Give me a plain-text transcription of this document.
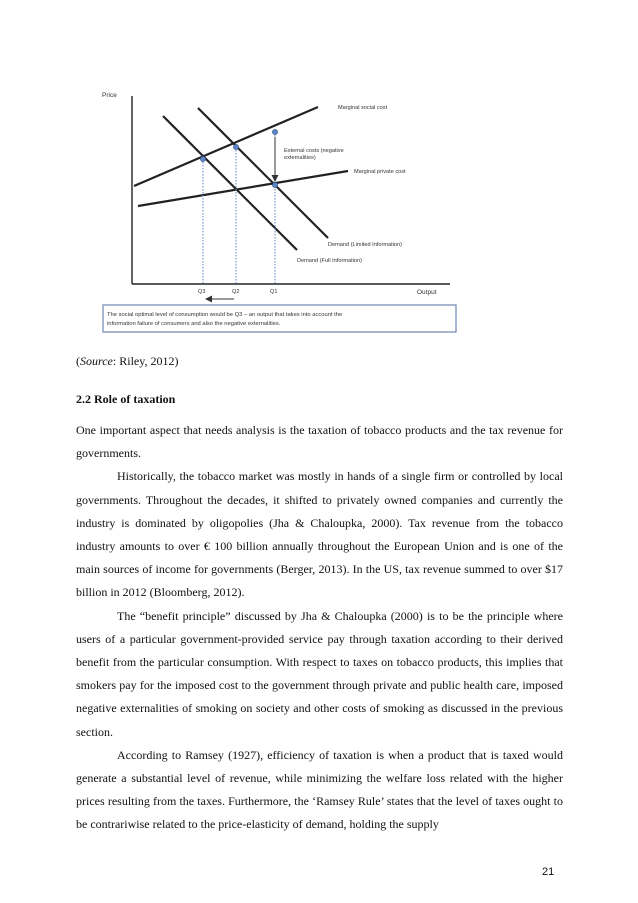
Price
Output
Marginal social cost
External costs (negative
externalities)
Marginal private cost
Demand (Limited Information)
Demand (Full Information)
Q3	Q2	Q1
The social optimal level of consumption would be Q3 – an output that takes into account the
information failure of consumers and also the negative externalities.
(Source: Riley, 2012)
2.2 Role of taxation

One important aspect that needs analysis is the taxation of tobacco products and the tax revenue for governments.

Historically, the tobacco market was mostly in hands of a single firm or controlled by local governments. Throughout the decades, it shifted to privately owned companies and currently the industry is dominated by oligopolies (Jha & Chaloupka, 2000). Tax revenue from the tobacco industry amounts to over € 100 billion annually throughout the European Union and is one of the main sources of income for governments (Berger, 2013). In the US, tax revenue summed to over $17 billion in 2012 (Bloomberg, 2012).

The “benefit principle” discussed by Jha & Chaloupka (2000) is to be the principle where users of a particular government-provided service pay through taxation according to their derived benefit from the particular consumption. With respect to taxes on tobacco products, this implies that smokers pay for the imposed cost to the government through private and public health care, imposed negative externalities of smoking on society and other costs of smoking as discussed in the previous section.

According to Ramsey (1927), efficiency of taxation is when a product that is taxed would generate a substantial level of revenue, while minimizing the welfare loss related with the higher prices resulting from the taxes. Furthermore, the ‘Ramsey Rule’ states that the level of taxes ought to be contrariwise related to the price-elasticity of demand, holding the supply

21
